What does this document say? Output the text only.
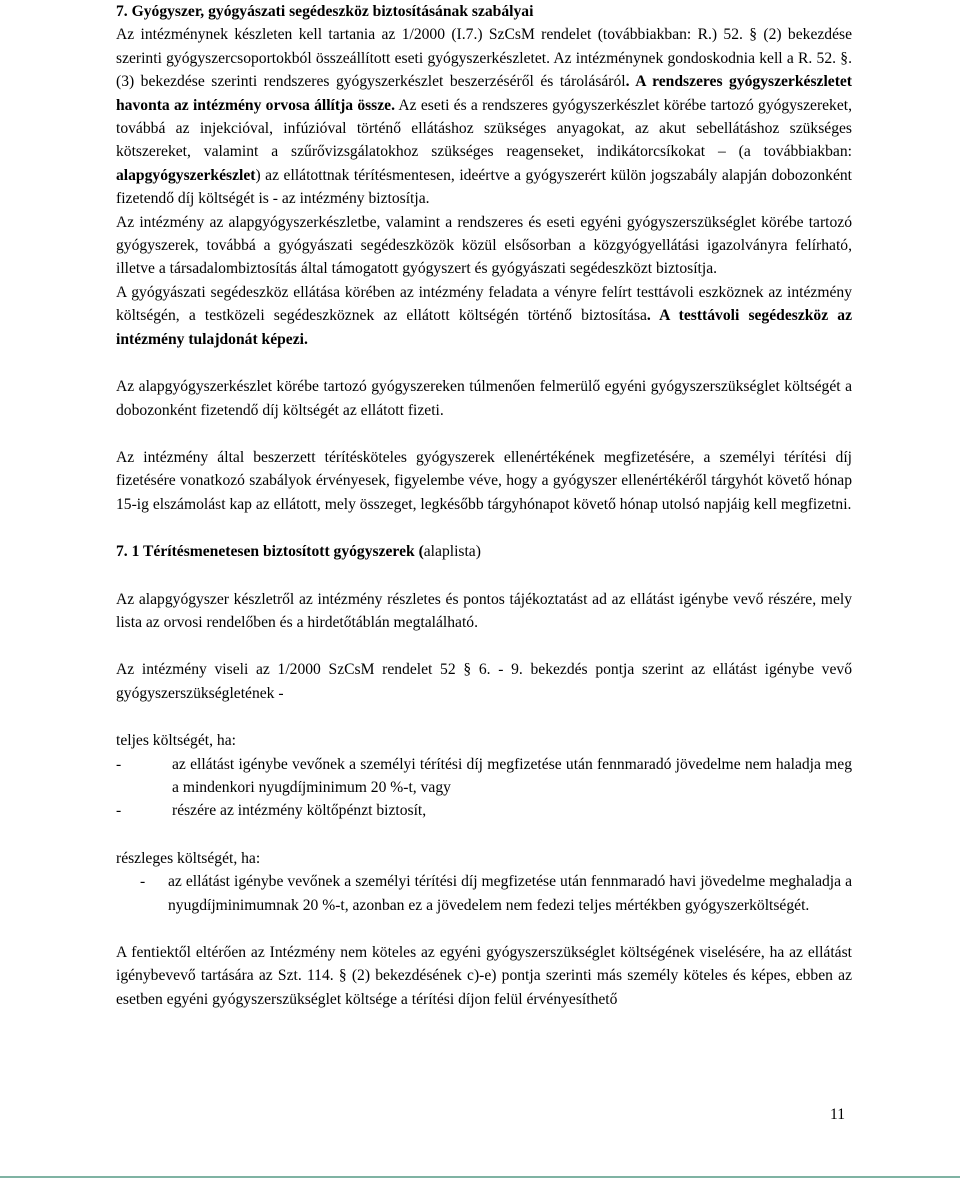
7. Gyógyszer, gyógyászati segédeszköz biztosításának szabályai

Az intézménynek készleten kell tartania az 1/2000 (I.7.) SzCsM rendelet (továbbiakban: R.) 52. § (2) bekezdése szerinti gyógyszercsoportokból összeállított eseti gyógyszerkészletet. Az intézménynek gondoskodnia kell a R. 52. §. (3) bekezdése szerinti rendszeres gyógyszerkészlet beszerzéséről és tárolásáról. A rendszeres gyógyszerkészletet havonta az intézmény orvosa állítja össze. Az eseti és a rendszeres gyógyszerkészlet körébe tartozó gyógyszereket, továbbá az injekcióval, infúzióval történő ellátáshoz szükséges anyagokat, az akut sebellátáshoz szükséges kötszereket, valamint a szűrővizsgálatokhoz szükséges reagenseket, indikátorcsíkokat – (a továbbiakban: alapgyógyszerkészlet) az ellátottnak térítésmentesen, ideértve a gyógyszerért külön jogszabály alapján dobozonként fizetendő díj költségét is - az intézmény biztosítja.

Az intézmény az alapgyógyszerkészletbe, valamint a rendszeres és eseti egyéni gyógyszerszükséglet körébe tartozó gyógyszerek, továbbá a gyógyászati segédeszközök közül elsősorban a közgyógyellátási igazolványra felírható, illetve a társadalombiztosítás által támogatott gyógyszert és gyógyászati segédeszközt biztosítja.

A gyógyászati segédeszköz ellátása körében az intézmény feladata a vényre felírt testtávoli eszköznek az intézmény költségén, a testközeli segédeszköznek az ellátott költségén történő biztosítása. A testtávoli segédeszköz az intézmény tulajdonát képezi.

Az alapgyógyszerkészlet körébe tartozó gyógyszereken túlmenően felmerülő egyéni gyógyszerszükséglet költségét a dobozonként fizetendő díj költségét az ellátott fizeti.

Az intézmény által beszerzett térítésköteles gyógyszerek ellenértékének megfizetésére, a személyi térítési díj fizetésére vonatkozó szabályok érvényesek, figyelembe véve, hogy a gyógyszer ellenértékéről tárgyhót követő hónap 15-ig elszámolást kap az ellátott, mely összeget, legkésőbb tárgyhónapot követő hónap utolsó napjáig kell megfizetni.

7. 1 Térítésmenetesen biztosított gyógyszerek (alaplista)

Az alapgyógyszer készletről az intézmény részletes és pontos tájékoztatást ad az ellátást igénybe vevő részére, mely lista az orvosi rendelőben és a hirdetőtáblán megtalálható.

Az intézmény viseli az 1/2000 SzCsM rendelet 52 § 6. - 9. bekezdés pontja szerint az ellátást igénybe vevő gyógyszerszükségletének -

teljes költségét, ha:

-	az ellátást igénybe vevőnek a személyi térítési díj megfizetése után fennmaradó jövedelme nem haladja meg a mindenkori nyugdíjminimum 20 %-t, vagy
-	részére az intézmény költőpénzt biztosít,

részleges költségét, ha:

-	az ellátást igénybe vevőnek a személyi térítési díj megfizetése után fennmaradó havi jövedelme meghaladja a nyugdíjminimumnak 20 %-t, azonban ez a jövedelem nem fedezi teljes mértékben gyógyszerköltségét.

A fentiektől eltérően az Intézmény nem köteles az egyéni gyógyszerszükséglet költségének viselésére, ha az ellátást igénybevevő tartására az Szt. 114. § (2) bekezdésének c)-e) pontja szerinti más személy köteles és képes, ebben az esetben egyéni gyógyszerszükséglet költsége a térítési díjon felül érvényesíthető

11
